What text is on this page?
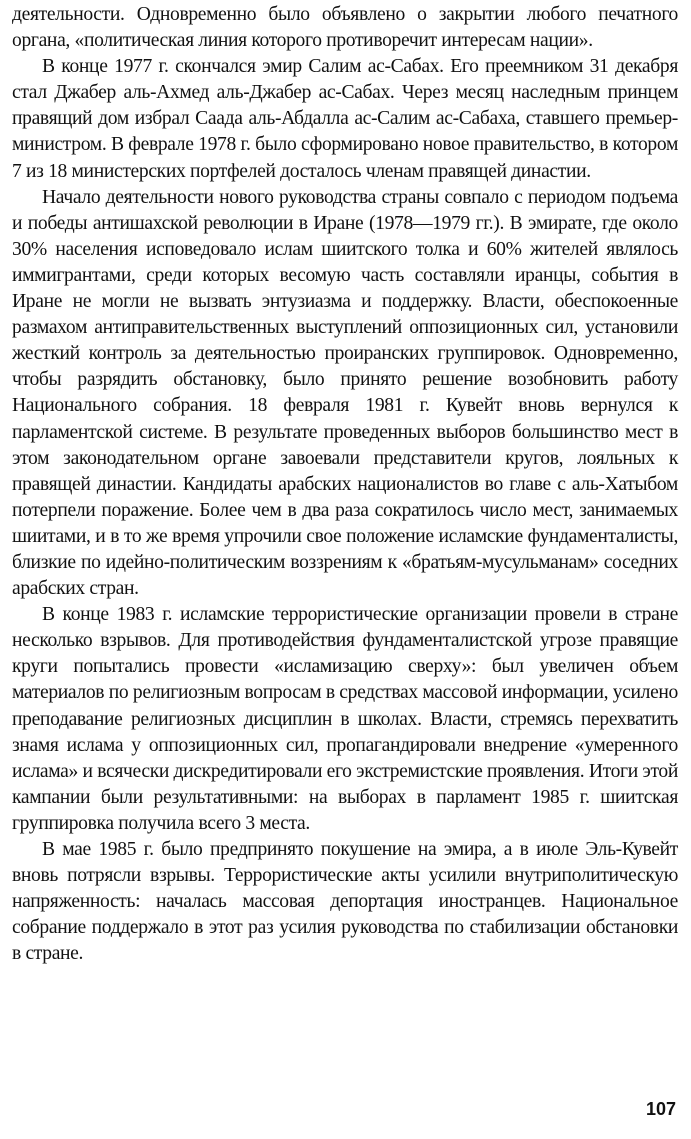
деятельности. Одновременно было объявлено о закрытии любого печатного органа, «политическая линия которого противоречит интересам нации».

В конце 1977 г. скончался эмир Салим ас-Сабах. Его преемником 31 декабря стал Джабер аль-Ахмед аль-Джабер ас-Сабах. Через месяц наследным принцем правящий дом избрал Саада аль-Абдалла ас-Салим ас-Сабаха, ставшего премьер-министром. В феврале 1978 г. было сформировано новое правительство, в котором 7 из 18 министерских портфелей досталось членам правящей династии.

Начало деятельности нового руководства страны совпало с периодом подъема и победы антишахской революции в Иране (1978—1979 гг.). В эмирате, где около 30% населения исповедовало ислам шиитского толка и 60% жителей являлось иммигрантами, среди которых весомую часть составляли иранцы, события в Иране не могли не вызвать энтузиазма и поддержку. Власти, обеспокоенные размахом антиправительственных выступлений оппозиционных сил, установили жесткий контроль за деятельностью проиранских группировок. Одновременно, чтобы разрядить обстановку, было принято решение возобновить работу Национального собрания. 18 февраля 1981 г. Кувейт вновь вернулся к парламентской системе. В результате проведенных выборов большинство мест в этом законодательном органе завоевали представители кругов, лояльных к правящей династии. Кандидаты арабских националистов во главе с аль-Хатыбом потерпели поражение. Более чем в два раза сократилось число мест, занимаемых шиитами, и в то же время упрочили свое положение исламские фундаменталисты, близкие по идейно-политическим воззрениям к «братьям-мусульманам» соседних арабских стран.

В конце 1983 г. исламские террористические организации провели в стране несколько взрывов. Для противодействия фундаменталистской угрозе правящие круги попытались провести «исламизацию сверху»: был увеличен объем материалов по религиозным вопросам в средствах массовой информации, усилено преподавание религиозных дисциплин в школах. Власти, стремясь перехватить знамя ислама у оппозиционных сил, пропагандировали внедрение «умеренного ислама» и всячески дискредитировали его экстремистские проявления. Итоги этой кампании были результативными: на выборах в парламент 1985 г. шиитская группировка получила всего 3 места.

В мае 1985 г. было предпринято покушение на эмира, а в июле Эль-Кувейт вновь потрясли взрывы. Террористические акты усилили внутриполитическую напряженность: началась массовая депортация иностранцев. Национальное собрание поддержало в этот раз усилия руководства по стабилизации обстановки в стране.

107
